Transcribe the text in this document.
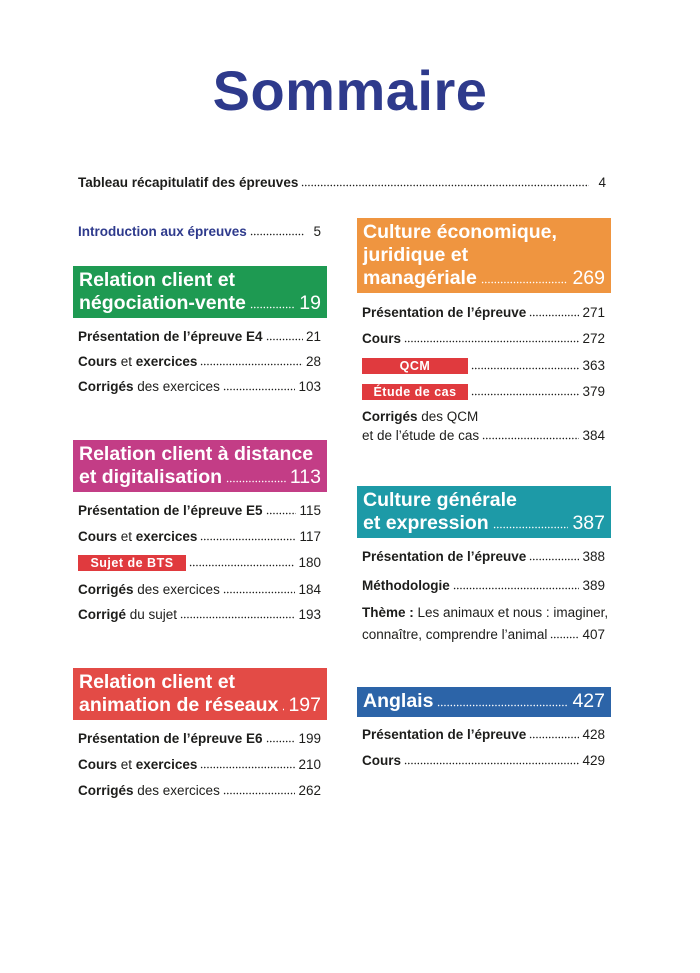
Sommaire
Tableau récapitulatif des épreuves	4
Introduction aux épreuves	5
Relation client et
négociation-vente	19
Présentation de l’épreuve E4	21
Cours et exercices	28
Corrigés des exercices	103
Relation client à distance
et digitalisation	113
Présentation de l’épreuve E5	115
Cours et exercices	117
Sujet de BTS	180
Corrigés des exercices	184
Corrigé du sujet	193
Relation client et
animation de réseaux 197
Présentation de l’épreuve E6	199
Cours et exercices	210
Corrigés des exercices	262
Culture économique,
juridique et
managériale	269
Présentation de l’épreuve	271
Cours	272
QCM	363
Étude de cas	379
Corrigés des QCM
et de l’étude de cas	384
Culture générale
et expression	387
Présentation de l’épreuve	388
Méthodologie	389
Thème : Les animaux et nous : imaginer,
connaître, comprendre l’animal	407
Anglais	427
Présentation de l’épreuve	428
Cours	429
